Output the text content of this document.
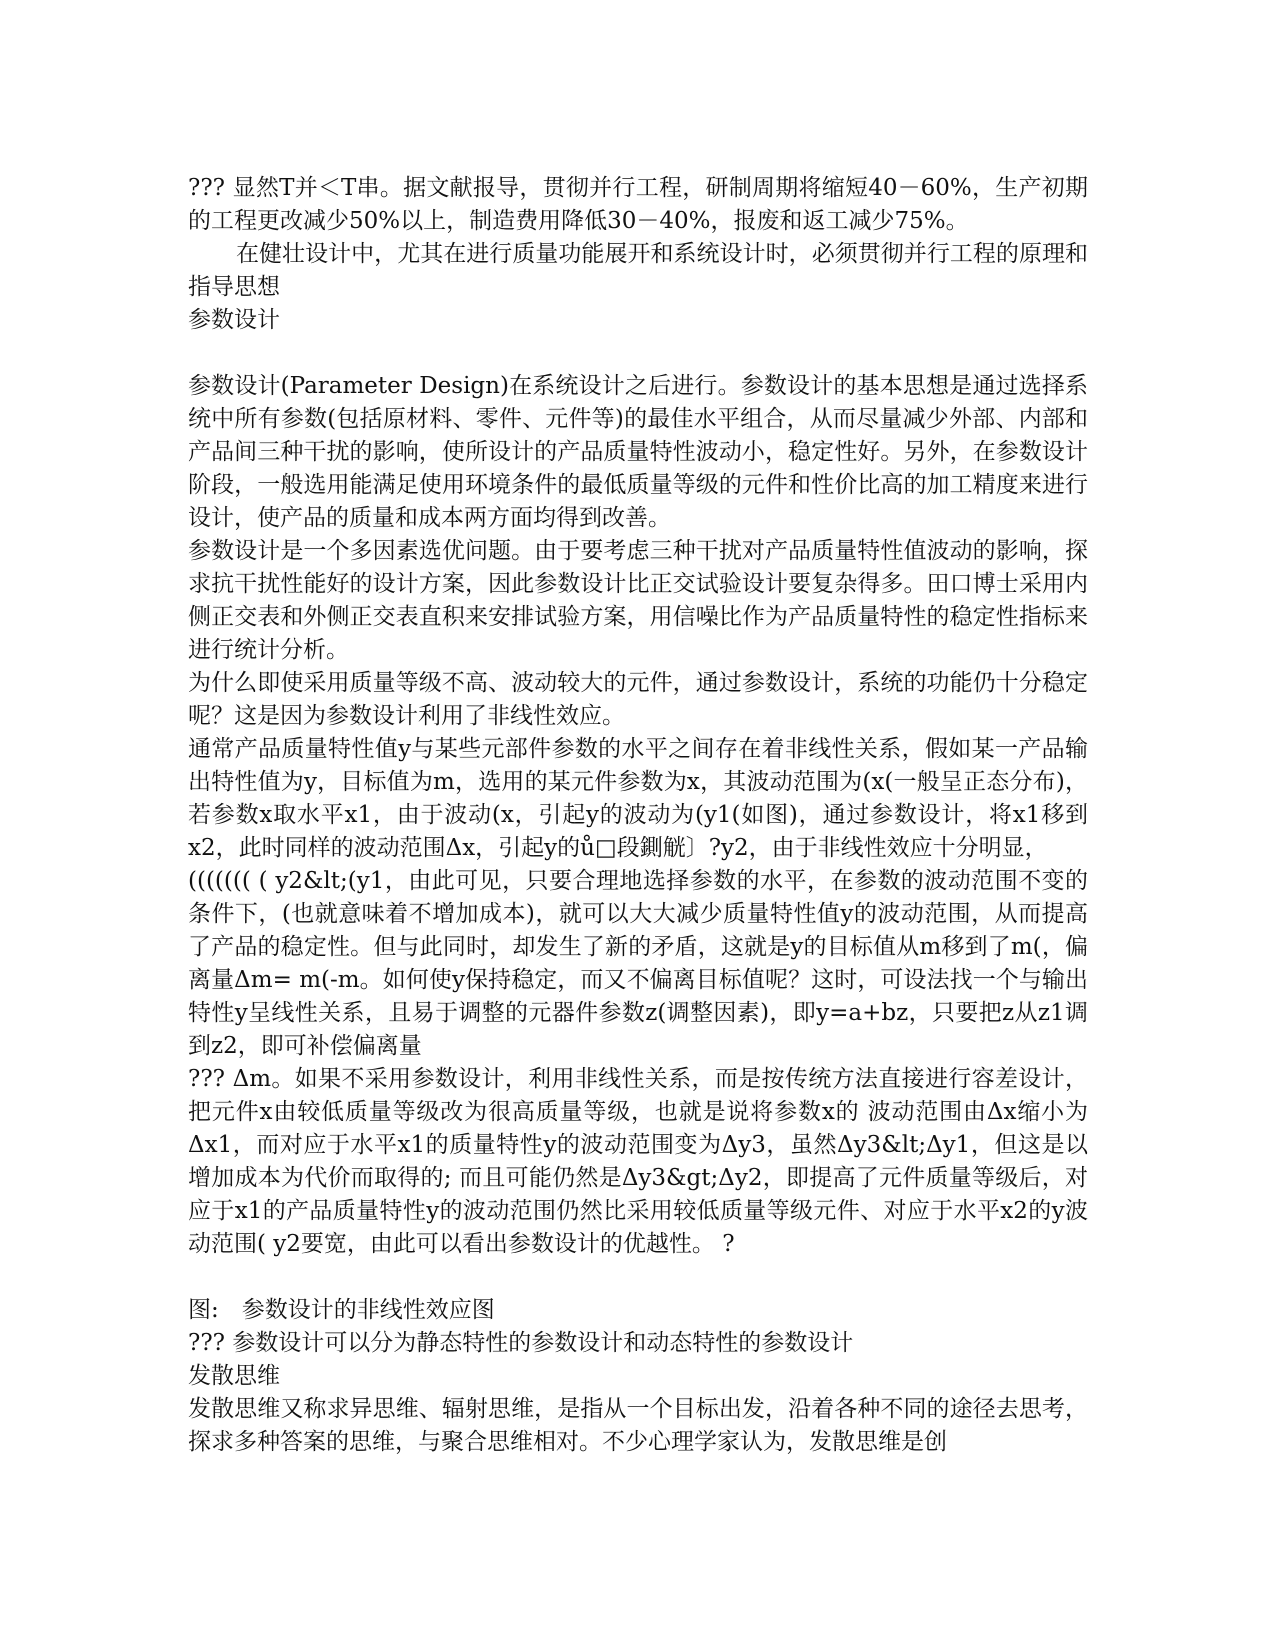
??? 显然T并＜T串。据文献报导，贯彻并行工程，研制周期将缩短40－60%，生产初期的工程更改减少50%以上，制造费用降低30－40%，报废和返工减少75%。

在健壮设计中，尤其在进行质量功能展开和系统设计时，必须贯彻并行工程的原理和指导思想

参数设计

参数设计(Parameter Design)在系统设计之后进行。参数设计的基本思想是通过选择系统中所有参数(包括原材料、零件、元件等)的最佳水平组合，从而尽量减少外部、内部和产品间三种干扰的影响，使所设计的产品质量特性波动小，稳定性好。另外，在参数设计阶段，一般选用能满足使用环境条件的最低质量等级的元件和性价比高的加工精度来进行设计，使产品的质量和成本两方面均得到改善。

参数设计是一个多因素选优问题。由于要考虑三种干扰对产品质量特性值波动的影响，探求抗干扰性能好的设计方案，因此参数设计比正交试验设计要复杂得多。田口博士采用内侧正交表和外侧正交表直积来安排试验方案，用信噪比作为产品质量特性的稳定性指标来进行统计分析。

为什么即使采用质量等级不高、波动较大的元件，通过参数设计，系统的功能仍十分稳定呢？这是因为参数设计利用了非线性效应。

通常产品质量特性值y与某些元部件参数的水平之间存在着非线性关系，假如某一产品输出特性值为y，目标值为m，选用的某元件参数为x，其波动范围为(x(一般呈正态分布)，若参数x取水平x1，由于波动(x，引起y的波动为(y1(如图)，通过参数设计，将x1移到x2，此时同样的波动范围Δx，引起y的ů□段鍘觥〕?y2，由于非线性效应十分明显，

((((((( ( y2&lt;(y1，由此可见，只要合理地选择参数的水平，在参数的波动范围不变的条件下，(也就意味着不增加成本)，就可以大大减少质量特性值y的波动范围，从而提高了产品的稳定性。但与此同时，却发生了新的矛盾，这就是y的目标值从m移到了m(，偏离量Δm= m(-m。如何使y保持稳定，而又不偏离目标值呢？这时，可设法找一个与输出特性y呈线性关系，且易于调整的元器件参数z(调整因素)，即y=a+bz，只要把z从z1调到z2，即可补偿偏离量

??? Δm。如果不采用参数设计，利用非线性关系，而是按传统方法直接进行容差设计，把元件x由较低质量等级改为很高质量等级，也就是说将参数x的 波动范围由Δx缩小为Δx1，而对应于水平x1的质量特性y的波动范围变为Δy3，虽然Δy3&lt;Δy1，但这是以增加成本为代价而取得的; 而且可能仍然是Δy3&gt;Δy2，即提高了元件质量等级后，对应于x1的产品质量特性y的波动范围仍然比采用较低质量等级元件、对应于水平x2的y波动范围( y2要宽，由此可以看出参数设计的优越性。 ?

图:　参数设计的非线性效应图

??? 参数设计可以分为静态特性的参数设计和动态特性的参数设计

发散思维

发散思维又称求异思维、辐射思维，是指从一个目标出发，沿着各种不同的途径去思考，探求多种答案的思维，与聚合思维相对。不少心理学家认为，发散思维是创
